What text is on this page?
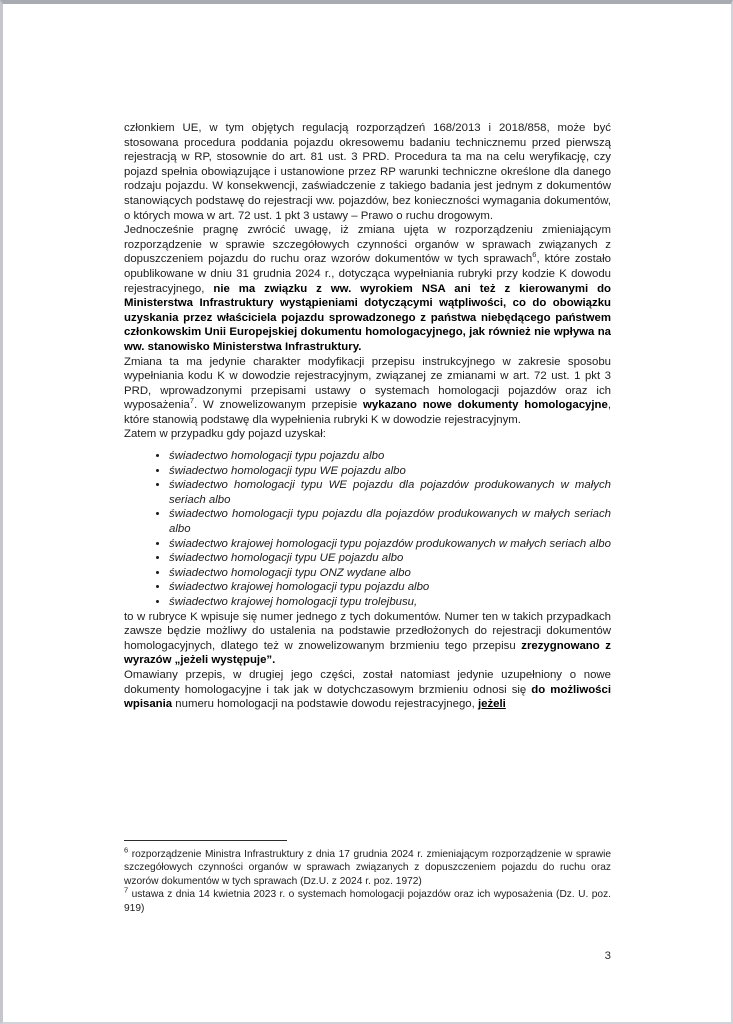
członkiem UE, w tym objętych regulacją rozporządzeń 168/2013 i 2018/858, może być stosowana procedura poddania pojazdu okresowemu badaniu technicznemu przed pierwszą rejestracją w RP, stosownie do art. 81 ust. 3 PRD. Procedura ta ma na celu weryfikację, czy pojazd spełnia obowiązujące i ustanowione przez RP warunki techniczne określone dla danego rodzaju pojazdu. W konsekwencji, zaświadczenie z takiego badania jest jednym z dokumentów stanowiących podstawę do rejestracji ww. pojazdów, bez konieczności wymagania dokumentów, o których mowa w art. 72 ust. 1 pkt 3 ustawy – Prawo o ruchu drogowym.

Jednocześnie pragnę zwrócić uwagę, iż zmiana ujęta w rozporządzeniu zmieniającym rozporządzenie w sprawie szczegółowych czynności organów w sprawach związanych z dopuszczeniem pojazdu do ruchu oraz wzorów dokumentów w tych sprawach$^6$, które zostało opublikowane w dniu 31 grudnia 2024 r., dotycząca wypełniania rubryki przy kodzie K dowodu rejestracyjnego, nie ma związku z ww. wyrokiem NSA ani też z kierowanymi do Ministerstwa Infrastruktury wystąpieniami dotyczącymi wątpliwości, co do obowiązku uzyskania przez właściciela pojazdu sprowadzonego z państwa niebędącego państwem członkowskim Unii Europejskiej dokumentu homologacyjnego, jak również nie wpływa na ww. stanowisko Ministerstwa Infrastruktury.

Zmiana ta ma jedynie charakter modyfikacji przepisu instrukcyjnego w zakresie sposobu wypełniania kodu K w dowodzie rejestracyjnym, związanej ze zmianami w art. 72 ust. 1 pkt 3 PRD, wprowadzonymi przepisami ustawy o systemach homologacji pojazdów oraz ich wyposażenia$^7$. W znowelizowanym przepisie wykazano nowe dokumenty homologacyjne, które stanowią podstawę dla wypełnienia rubryki K w dowodzie rejestracyjnym.

Zatem w przypadku gdy pojazd uzyskał:

• świadectwo homologacji typu pojazdu albo
• świadectwo homologacji typu WE pojazdu albo
• świadectwo homologacji typu WE pojazdu dla pojazdów produkowanych w małych seriach albo
• świadectwo homologacji typu pojazdu dla pojazdów produkowanych w małych seriach albo
• świadectwo krajowej homologacji typu pojazdów produkowanych w małych seriach albo
• świadectwo homologacji typu UE pojazdu albo
• świadectwo homologacji typu ONZ wydane albo
• świadectwo krajowej homologacji typu pojazdu albo
• świadectwo krajowej homologacji typu trolejbusu,

to w rubryce K wpisuje się numer jednego z tych dokumentów. Numer ten w takich przypadkach zawsze będzie możliwy do ustalenia na podstawie przedłożonych do rejestracji dokumentów homologacyjnych, dlatego też w znowelizowanym brzmieniu tego przepisu zrezygnowano z wyrazów „jeżeli występuje”.

Omawiany przepis, w drugiej jego części, został natomiast jedynie uzupełniony o nowe dokumenty homologacyjne i tak jak w dotychczasowym brzmieniu odnosi się do możliwości wpisania numeru homologacji na podstawie dowodu rejestracyjnego, jeżeli

$^6$ rozporządzenie Ministra Infrastruktury z dnia 17 grudnia 2024 r. zmieniającym rozporządzenie w sprawie szczegółowych czynności organów w sprawach związanych z dopuszczeniem pojazdu do ruchu oraz wzorów dokumentów w tych sprawach (Dz.U. z 2024 r. poz. 1972)

$^7$ ustawa z dnia 14 kwietnia 2023 r. o systemach homologacji pojazdów oraz ich wyposażenia (Dz. U. poz. 919)

3
